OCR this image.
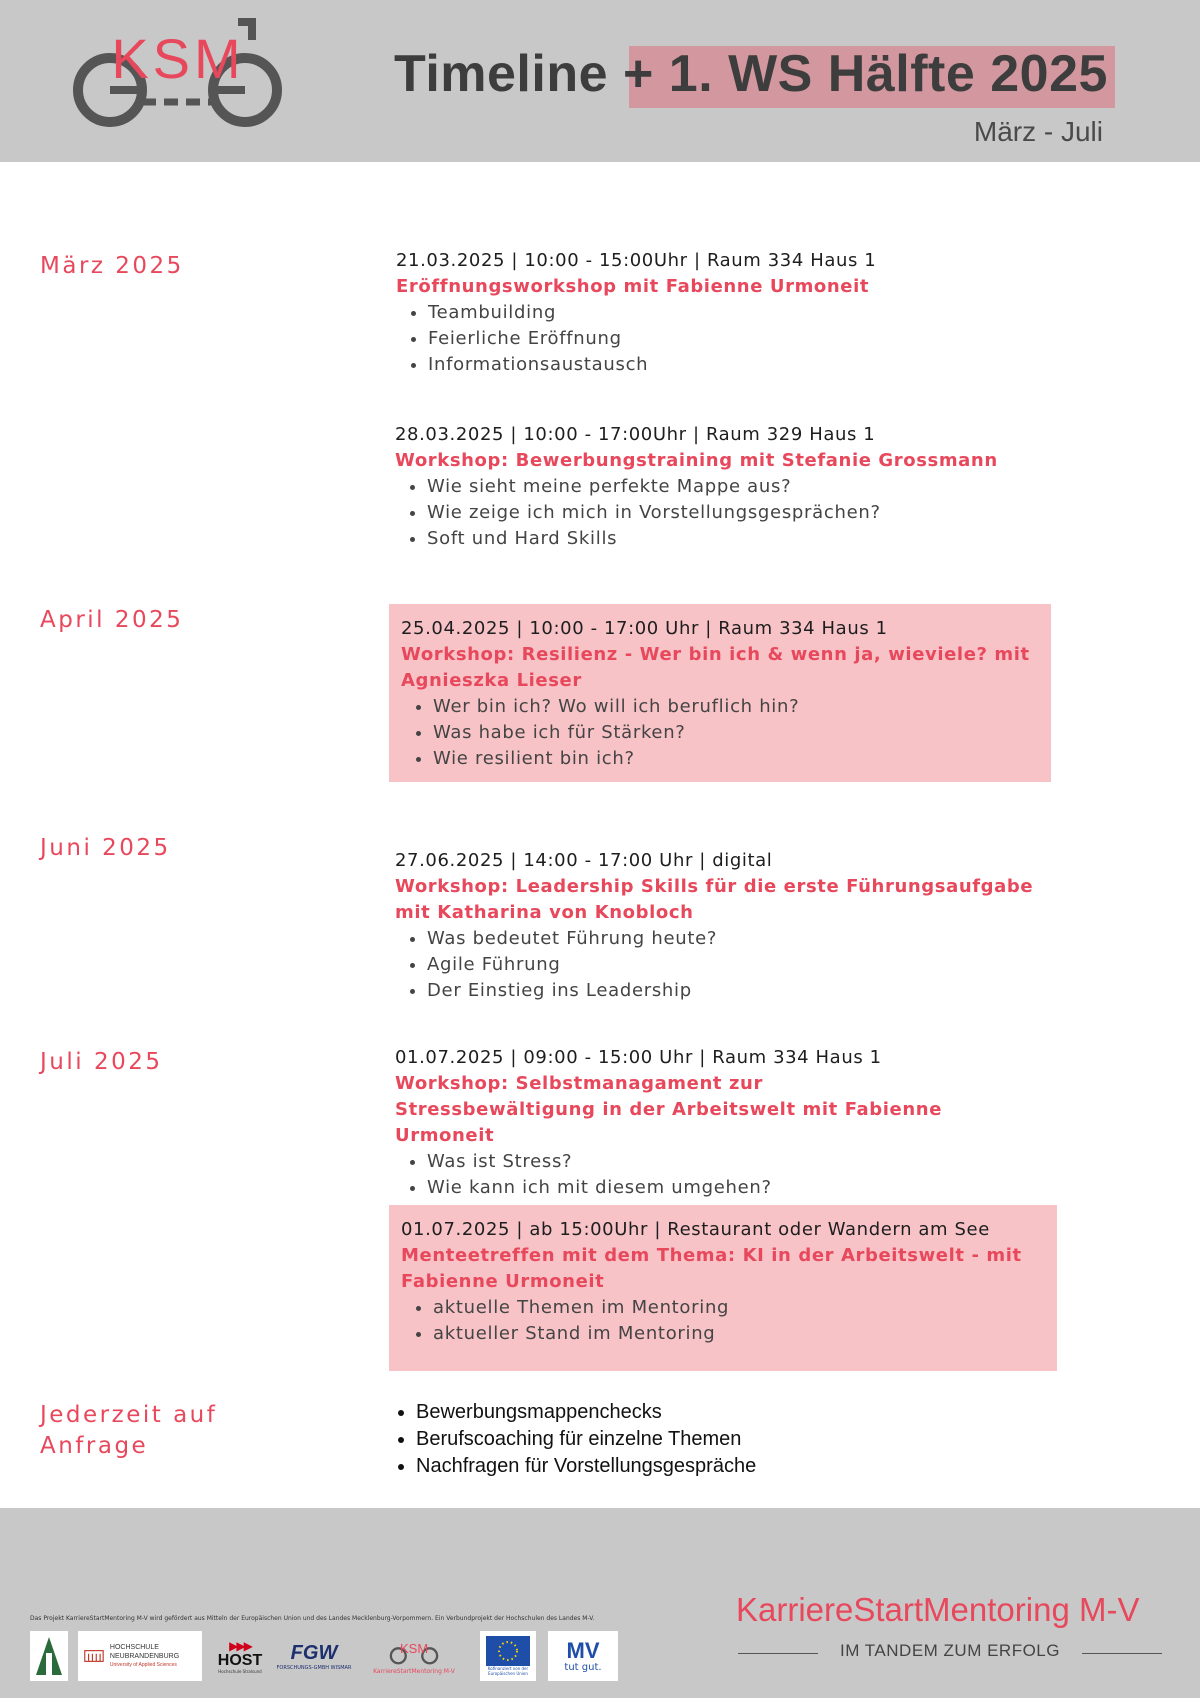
KSM	Timeline + 1. WS Hälfte 2025
März - Juli
März 2025
April 2025
Juni 2025
Juli 2025
Jederzeit auf Anfrage
21.03.2025 | 10:00 - 15:00Uhr | Raum 334 Haus 1
Eröffnungsworkshop mit Fabienne Urmoneit
• Teambuilding
• Feierliche Eröffnung
• Informationsaustausch
28.03.2025 | 10:00 - 17:00Uhr | Raum 329 Haus 1
Workshop: Bewerbungstraining mit Stefanie Grossmann
• Wie sieht meine perfekte Mappe aus?
• Wie zeige ich mich in Vorstellungsgesprächen?
• Soft und Hard Skills
25.04.2025 | 10:00 - 17:00 Uhr | Raum 334 Haus 1
Workshop: Resilienz - Wer bin ich & wenn ja, wieviele? mit Agnieszka Lieser
• Wer bin ich? Wo will ich beruflich hin?
• Was habe ich für Stärken?
• Wie resilient bin ich?
27.06.2025 | 14:00 - 17:00 Uhr | digital
Workshop: Leadership Skills für die erste Führungsaufgabe mit Katharina von Knobloch
• Was bedeutet Führung heute?
• Agile Führung
• Der Einstieg ins Leadership
01.07.2025 | 09:00 - 15:00 Uhr | Raum 334 Haus 1
Workshop: Selbstmanagament zur Stressbewältigung in der Arbeitswelt mit Fabienne Urmoneit
• Was ist Stress?
• Wie kann ich mit diesem umgehen?
01.07.2025 | ab 15:00Uhr | Restaurant oder Wandern am See
Menteetreffen mit dem Thema: KI in der Arbeitswelt - mit Fabienne Urmoneit
• aktuelle Themen im Mentoring
• aktueller Stand im Mentoring
• Bewerbungsmappenchecks
• Berufscoaching für einzelne Themen
• Nachfragen für Vorstellungsgespräche
Das Projekt KarriereStartMentoring M-V wird gefördert aus Mitteln der Europäischen Union und des Landes Mecklenburg-Vorpommern. Ein Verbundprojekt der Hochschulen des Landes M-V.	KarriereStartMentoring M-V
IM TANDEM ZUM ERFOLG
HOCHSCHULE NEUBRANDENBURG
University of Applied Sciences
▶▶▶
HOST
Hochschule Stralsund
FGW
FORSCHUNGS-GMBH WISMAR
KSM
KarriereStartMentoring M-V	Kofinanziert von der Europäischen Union
MV
tut gut.
